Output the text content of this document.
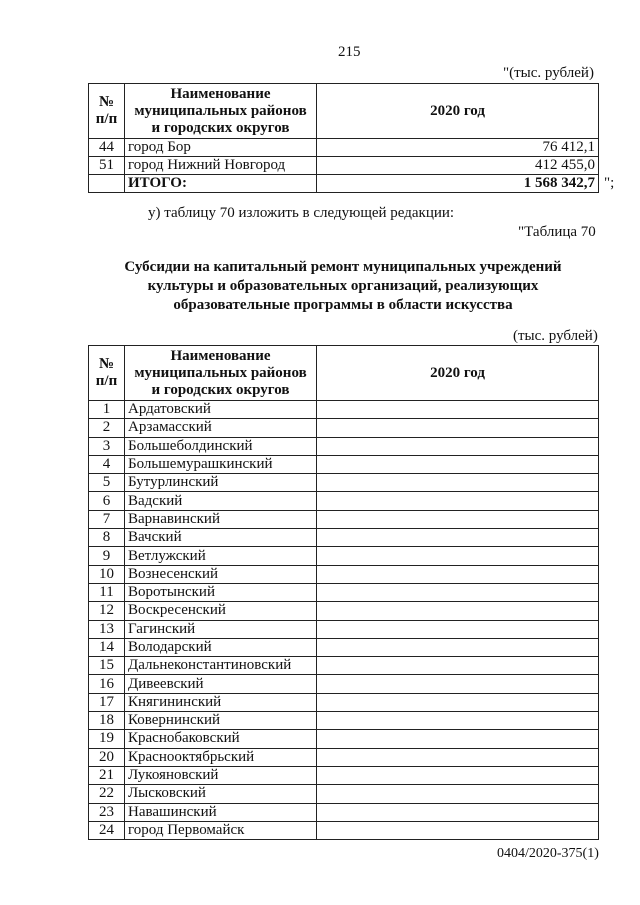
215
"(тыс. рублей)
№
п/п	Наименование
муниципальных районов
и городских округов	2020 год
44	город Бор	76 412,1
51	город Нижний Новгород	412 455,0
	ИТОГО:	1 568 342,7 ";
у) таблицу 70 изложить в следующей редакции:
"Таблица 70
Субсидии на капитальный ремонт муниципальных учреждений
культуры и образовательных организаций, реализующих
образовательные программы в области искусства
(тыс. рублей)
№
п/п	Наименование
муниципальных районов
и городских округов	2020 год
1	Ардатовский	
2	Арзамасский	
3	Большеболдинский	
4	Большемурашкинский	
5	Бутурлинский	
6	Вадский	
7	Варнавинский	
8	Вачский	
9	Ветлужский	
10	Вознесенский	
11	Воротынский	
12	Воскресенский	
13	Гагинский	
14	Володарский	
15	Дальнеконстантиновский	
16	Дивеевский	
17	Княгининский	
18	Ковернинский	
19	Краснобаковский	
20	Краснооктябрьский	
21	Лукояновский	
22	Лысковский	
23	Навашинский	
24	город Первомайск	
0404/2020-375(1)
